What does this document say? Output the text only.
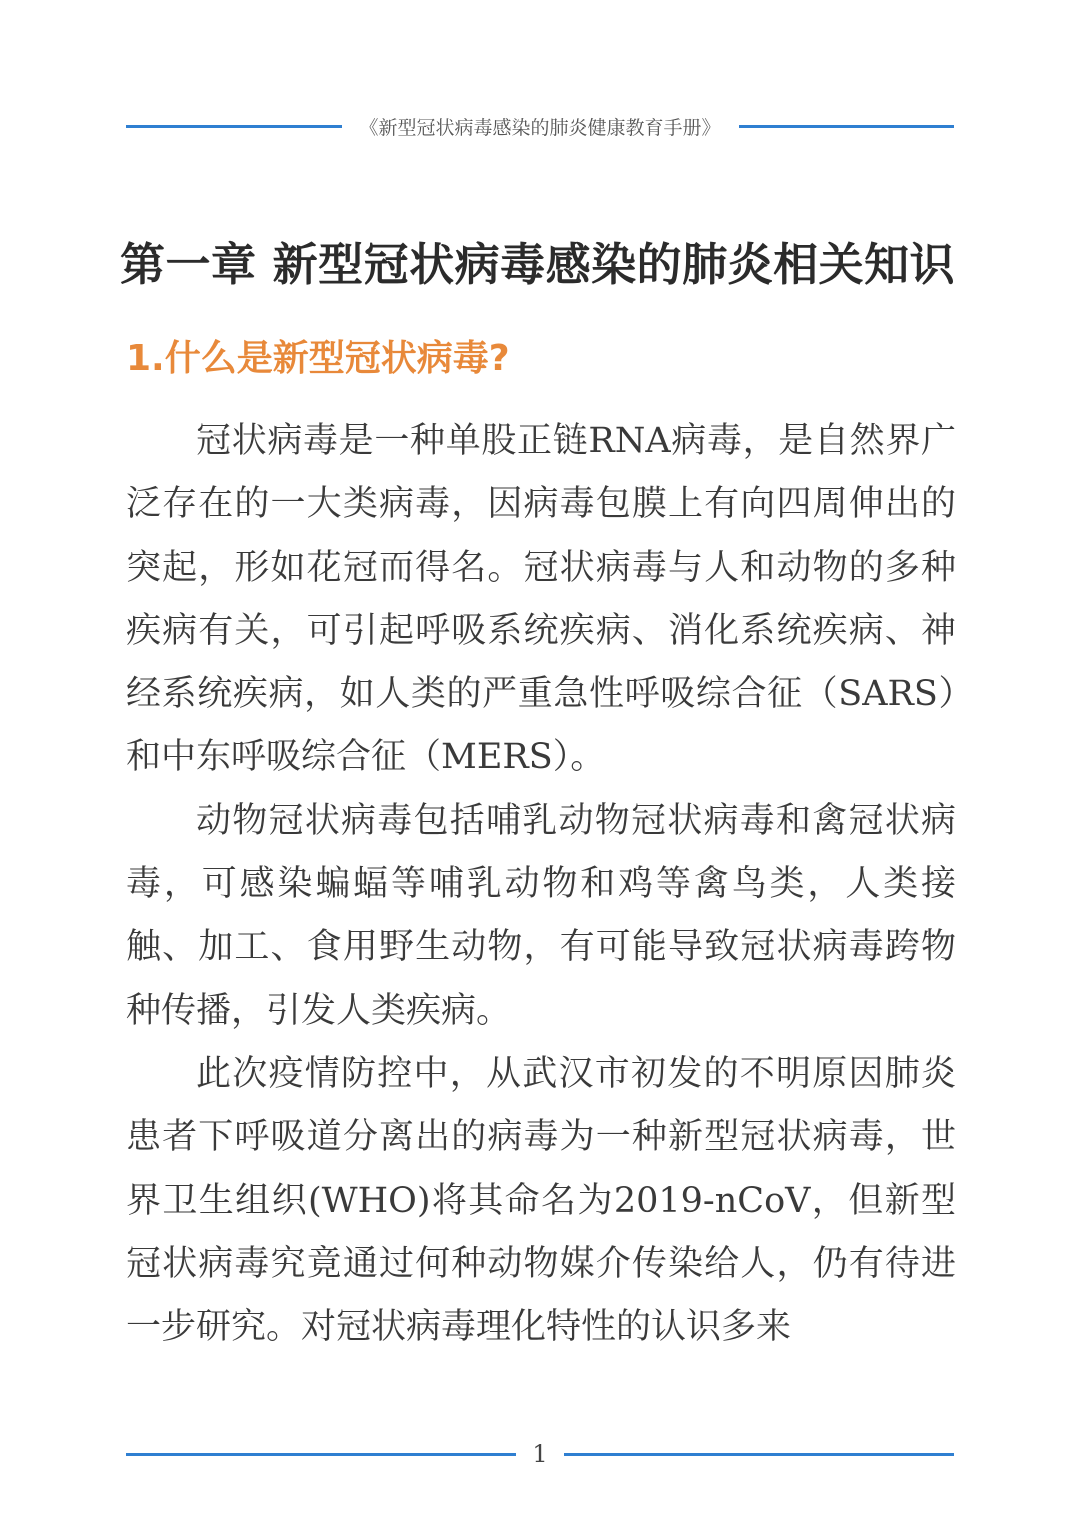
《新型冠状病毒感染的肺炎健康教育手册》
第一章 新型冠状病毒感染的肺炎相关知识
1.什么是新型冠状病毒?

冠状病毒是一种单股正链RNA病毒，是自然界广泛存在的一大类病毒，因病毒包膜上有向四周伸出的突起，形如花冠而得名。冠状病毒与人和动物的多种疾病有关，可引起呼吸系统疾病、消化系统疾病、神经系统疾病，如人类的严重急性呼吸综合征（SARS）和中东呼吸综合征（MERS）。

动物冠状病毒包括哺乳动物冠状病毒和禽冠状病毒，可感染蝙蝠等哺乳动物和鸡等禽鸟类，人类接触、加工、食用野生动物，有可能导致冠状病毒跨物种传播，引发人类疾病。

此次疫情防控中，从武汉市初发的不明原因肺炎患者下呼吸道分离出的病毒为一种新型冠状病毒，世界卫生组织(WHO)将其命名为2019-nCoV，但新型冠状病毒究竟通过何种动物媒介传染给人，仍有待进一步研究。对冠状病毒理化特性的认识多来

1
